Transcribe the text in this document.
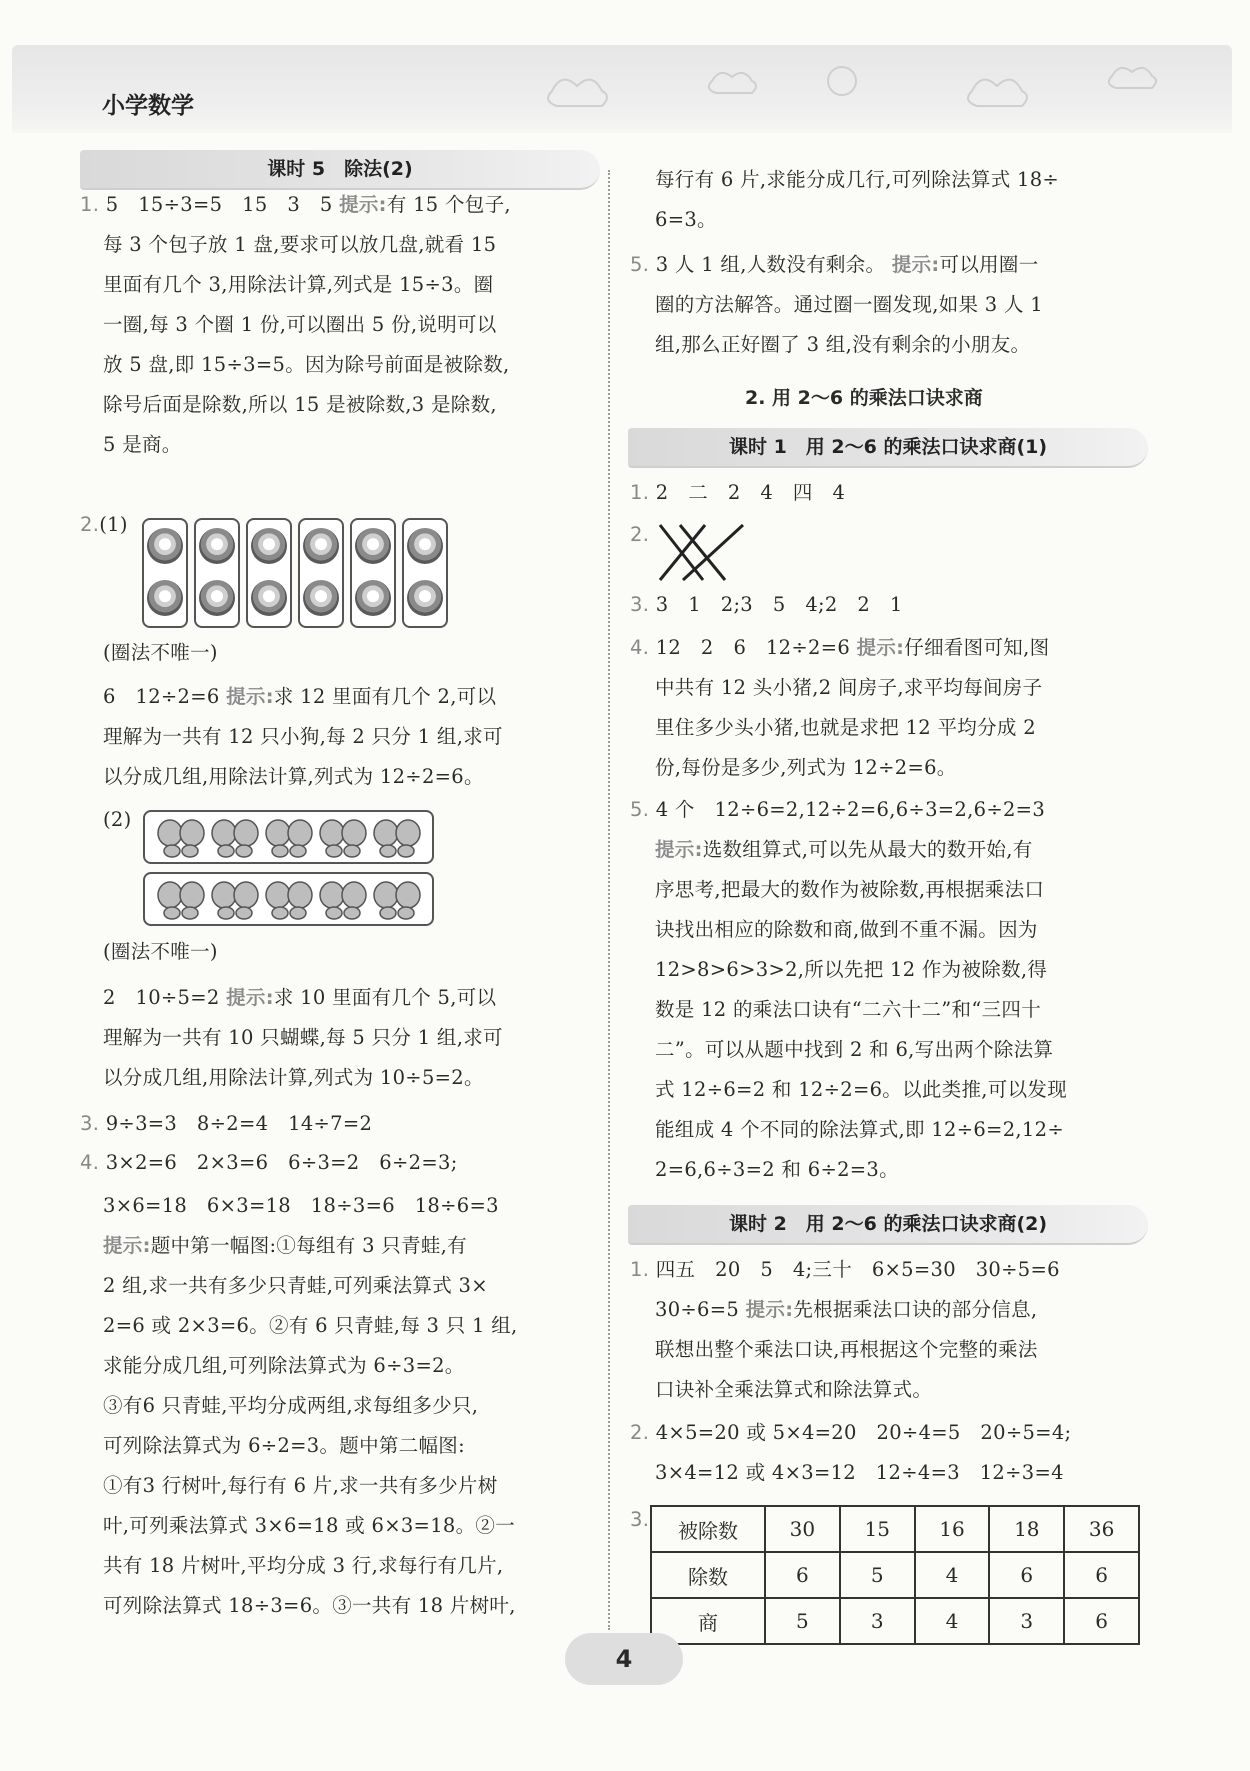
小学数学
课时 5　除法(2)
1. 5　15÷3=5　15　3　5 提示:有 15 个包子,
每 3 个包子放 1 盘,要求可以放几盘,就看 15
里面有几个 3,用除法计算,列式是 15÷3。圈
一圈,每 3 个圈 1 份,可以圈出 5 份,说明可以
放 5 盘,即 15÷3=5。因为除号前面是被除数,
除号后面是除数,所以 15 是被除数,3 是除数,
5 是商。
2.(1)
(圈法不唯一)
6　12÷2=6 提示:求 12 里面有几个 2,可以
理解为一共有 12 只小狗,每 2 只分 1 组,求可
以分成几组,用除法计算,列式为 12÷2=6。
(2)
(圈法不唯一)
2　10÷5=2 提示:求 10 里面有几个 5,可以
理解为一共有 10 只蝴蝶,每 5 只分 1 组,求可
以分成几组,用除法计算,列式为 10÷5=2。
3. 9÷3=3　8÷2=4　14÷7=2
4. 3×2=6　2×3=6　6÷3=2　6÷2=3;
3×6=18　6×3=18　18÷3=6　18÷6=3
提示:题中第一幅图:①每组有 3 只青蛙,有
2 组,求一共有多少只青蛙,可列乘法算式 3×
2=6 或 2×3=6。②有 6 只青蛙,每 3 只 1 组,
求能分成几组,可列除法算式为 6÷3=2。
③有6 只青蛙,平均分成两组,求每组多少只,
可列除法算式为 6÷2=3。题中第二幅图:
①有3 行树叶,每行有 6 片,求一共有多少片树
叶,可列乘法算式 3×6=18 或 6×3=18。②一
共有 18 片树叶,平均分成 3 行,求每行有几片,
可列除法算式 18÷3=6。③一共有 18 片树叶,
每行有 6 片,求能分成几行,可列除法算式 18÷
6=3。
5. 3 人 1 组,人数没有剩余。 提示:可以用圈一
圈的方法解答。通过圈一圈发现,如果 3 人 1
组,那么正好圈了 3 组,没有剩余的小朋友。
2. 用 2～6 的乘法口诀求商
课时 1　用 2～6 的乘法口诀求商(1)
1. 2　二　2　4　四　4
2.
3. 3　1　2;3　5　4;2　2　1
4. 12　2　6　12÷2=6 提示:仔细看图可知,图
中共有 12 头小猪,2 间房子,求平均每间房子
里住多少头小猪,也就是求把 12 平均分成 2
份,每份是多少,列式为 12÷2=6。
5. 4 个　12÷6=2,12÷2=6,6÷3=2,6÷2=3
提示:选数组算式,可以先从最大的数开始,有
序思考,把最大的数作为被除数,再根据乘法口
诀找出相应的除数和商,做到不重不漏。因为
12>8>6>3>2,所以先把 12 作为被除数,得
数是 12 的乘法口诀有“二六十二”和“三四十
二”。可以从题中找到 2 和 6,写出两个除法算
式 12÷6=2 和 12÷2=6。以此类推,可以发现
能组成 4 个不同的除法算式,即 12÷6=2,12÷
2=6,6÷3=2 和 6÷2=3。
课时 2　用 2～6 的乘法口诀求商(2)
1. 四五　20　5　4;三十　6×5=30　30÷5=6
30÷6=5 提示:先根据乘法口诀的部分信息,
联想出整个乘法口诀,再根据这个完整的乘法
口诀补全乘法算式和除法算式。
2. 4×5=20 或 5×4=20　20÷4=5　20÷5=4;
3×4=12 或 4×3=12　12÷4=3　12÷3=4
3. 被除数	30	15	16	18	36
除数	6	5	4	6	6
商	5	3	4	3	6
4
